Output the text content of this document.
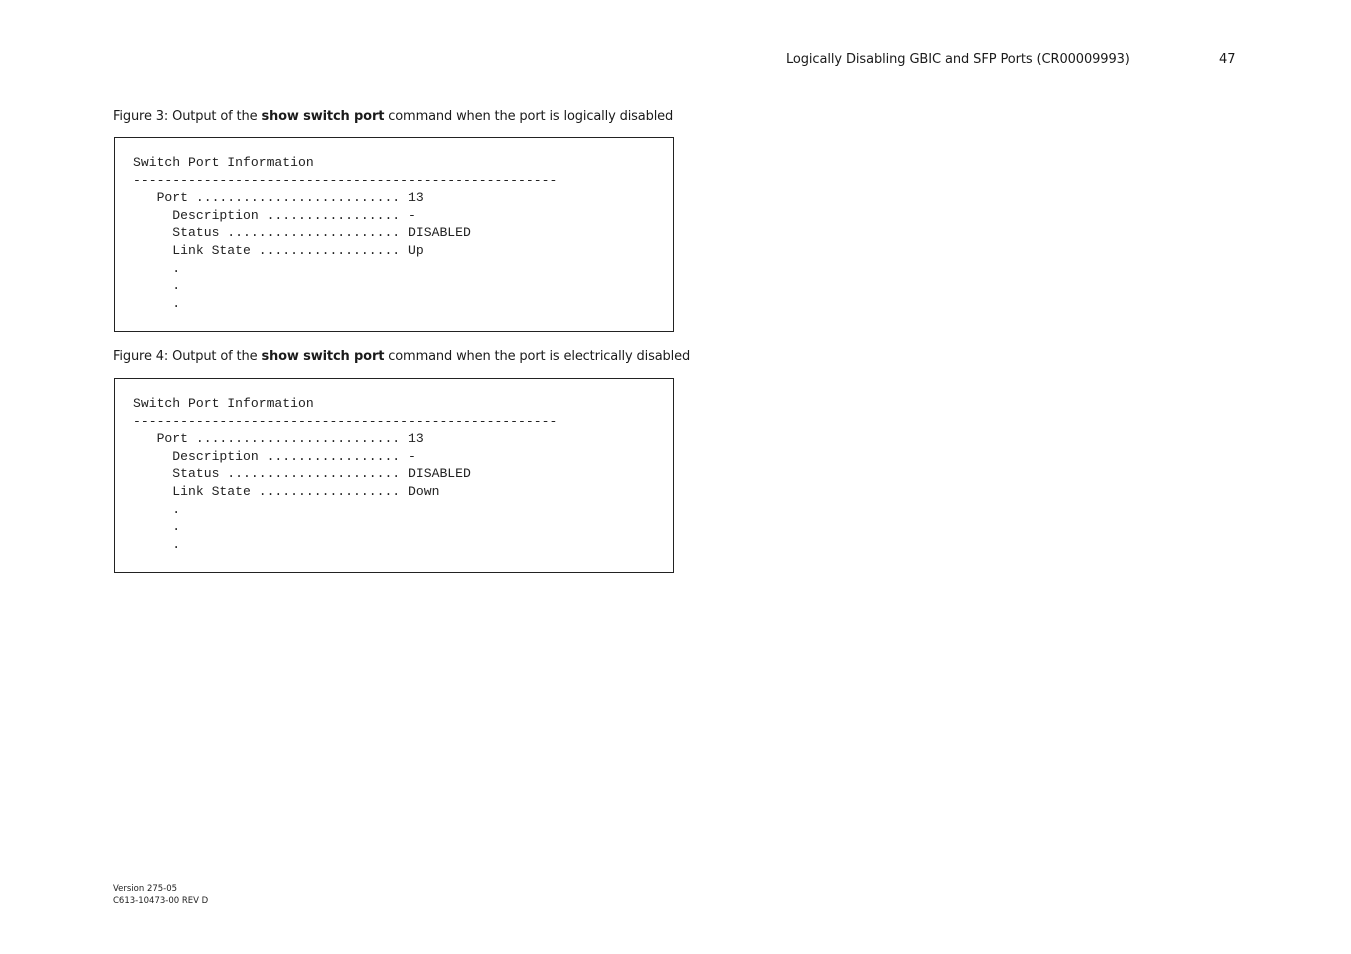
Logically Disabling GBIC and SFP Ports (CR00009993)	47
Figure 3: Output of the show switch port command when the port is logically disabled
Switch Port Information
------------------------------------------------------
Port .......................... 13
Description ................. -
Status ...................... DISABLED
Link State .................. Up
.
.
.
Figure 4: Output of the show switch port command when the port is electrically disabled
Switch Port Information
------------------------------------------------------
Port .......................... 13
Description ................. -
Status ...................... DISABLED
Link State .................. Down
.
.
.
Version 275-05
C613-10473-00 REV D
